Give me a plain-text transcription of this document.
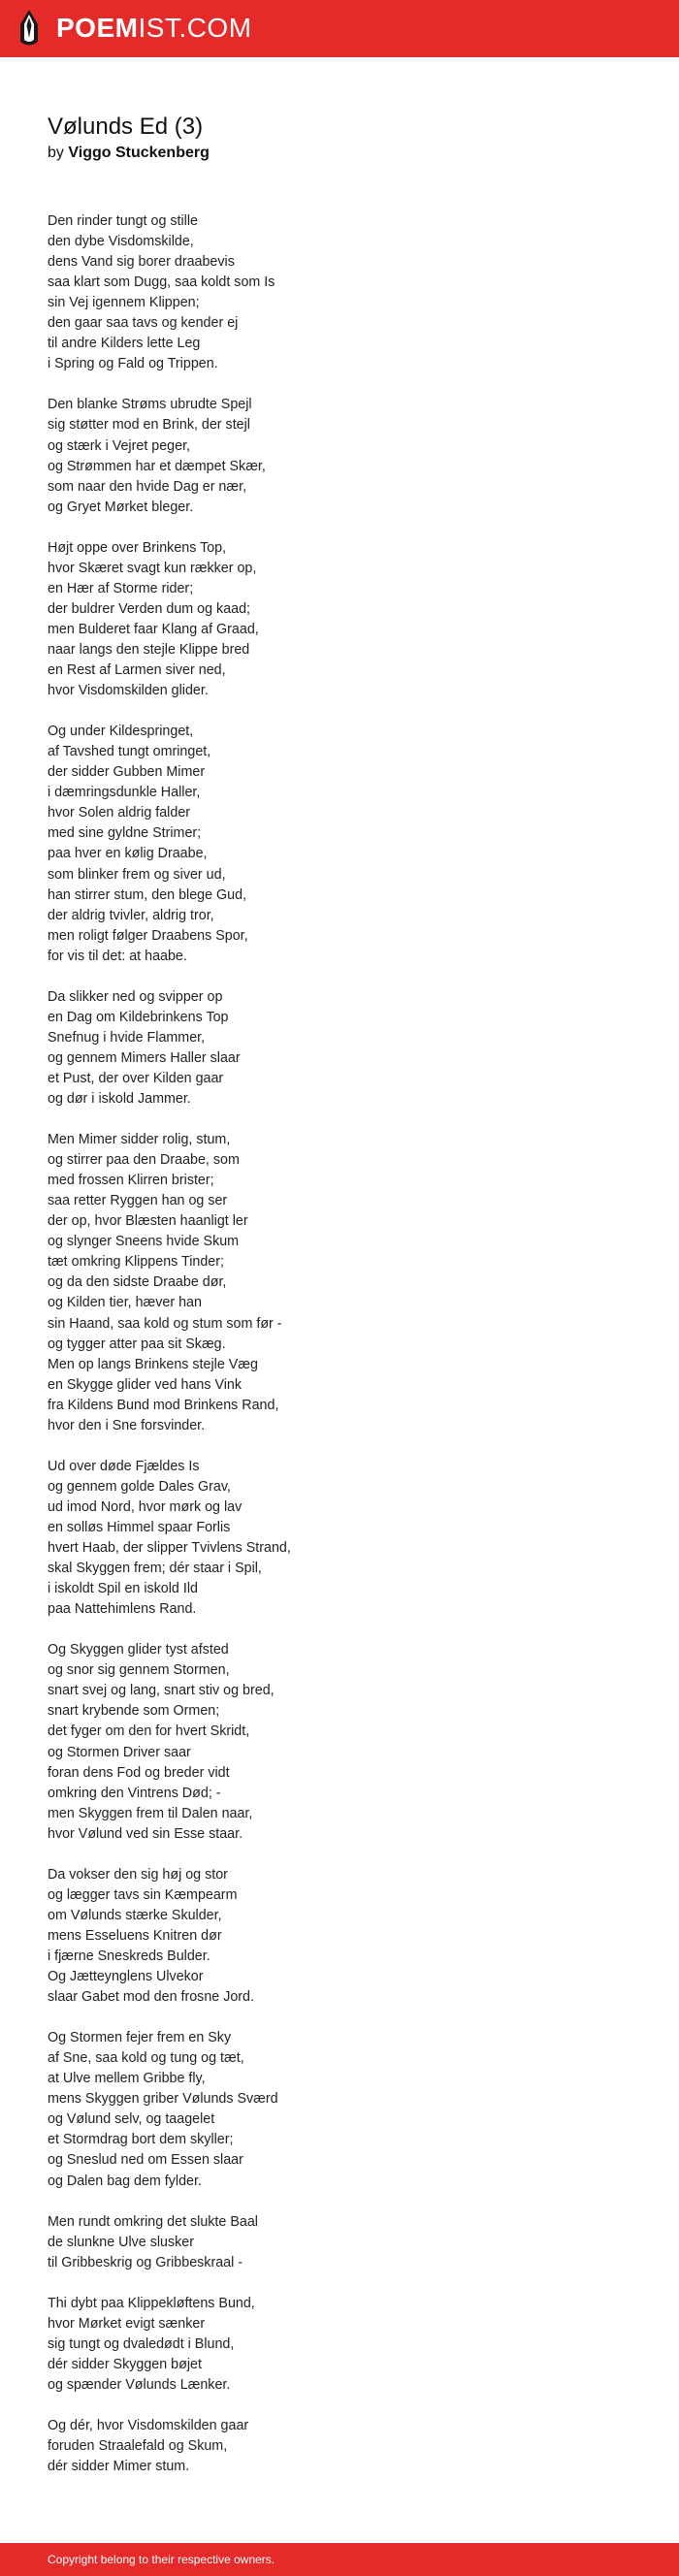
POEMIST.COM
Vølunds Ed (3)
by Viggo Stuckenberg
Den rinder tungt og stille
den dybe Visdomskilde,
dens Vand sig borer draabevis
saa klart som Dugg, saa koldt som Is
sin Vej igennem Klippen;
den gaar saa tavs og kender ej
til andre Kilders lette Leg
i Spring og Fald og Trippen.
Den blanke Strøms ubrudte Spejl
sig støtter mod en Brink, der stejl
og stærk i Vejret peger,
og Strømmen har et dæmpet Skær,
som naar den hvide Dag er nær,
og Gryet Mørket bleger.
Højt oppe over Brinkens Top,
hvor Skæret svagt kun rækker op,
en Hær af Storme rider;
der buldrer Verden dum og kaad;
men Bulderet faar Klang af Graad,
naar langs den stejle Klippe bred
en Rest af Larmen siver ned,
hvor Visdomskilden glider.
Og under Kildespringet,
af Tavshed tungt omringet,
der sidder Gubben Mimer
i dæmringsdunkle Haller,
hvor Solen aldrig falder
med sine gyldne Strimer;
paa hver en kølig Draabe,
som blinker frem og siver ud,
han stirrer stum, den blege Gud,
der aldrig tvivler, aldrig tror,
men roligt følger Draabens Spor,
for vis til det: at haabe.
Da slikker ned og svipper op
en Dag om Kildebrinkens Top
Snefnug i hvide Flammer,
og gennem Mimers Haller slaar
et Pust, der over Kilden gaar
og dør i iskold Jammer.
Men Mimer sidder rolig, stum,
og stirrer paa den Draabe, som
med frossen Klirren brister;
saa retter Ryggen han og ser
der op, hvor Blæsten haanligt ler
og slynger Sneens hvide Skum
tæt omkring Klippens Tinder;
og da den sidste Draabe dør,
og Kilden tier, hæver han
sin Haand, saa kold og stum som før -
og tygger atter paa sit Skæg.
Men op langs Brinkens stejle Væg
en Skygge glider ved hans Vink
fra Kildens Bund mod Brinkens Rand,
hvor den i Sne forsvinder.
Ud over døde Fjældes Is
og gennem golde Dales Grav,
ud imod Nord, hvor mørk og lav
en solløs Himmel spaar Forlis
hvert Haab, der slipper Tvivlens Strand,
skal Skyggen frem; dér staar i Spil,
i iskoldt Spil en iskold Ild
paa Nattehimlens Rand.
Og Skyggen glider tyst afsted
og snor sig gennem Stormen,
snart svej og lang, snart stiv og bred,
snart krybende som Ormen;
det fyger om den for hvert Skridt,
og Stormen Driver saar
foran dens Fod og breder vidt
omkring den Vintrens Død; -
men Skyggen frem til Dalen naar,
hvor Vølund ved sin Esse staar.
Da vokser den sig høj og stor
og lægger tavs sin Kæmpearm
om Vølunds stærke Skulder,
mens Esseluens Knitren dør
i fjærne Sneskreds Bulder.
Og Jætteynglens Ulvekor
slaar Gabet mod den frosne Jord.
Og Stormen fejer frem en Sky
af Sne, saa kold og tung og tæt,
at Ulve mellem Gribbe fly,
mens Skyggen griber Vølunds Sværd
og Vølund selv, og taagelet
et Stormdrag bort dem skyller;
og Sneslud ned om Essen slaar
og Dalen bag dem fylder.
Men rundt omkring det slukte Baal
de slunkne Ulve slusker
til Gribbeskrig og Gribbeskraal -
Thi dybt paa Klippekløftens Bund,
hvor Mørket evigt sænker
sig tungt og dvaledødt i Blund,
dér sidder Skyggen bøjet
og spænder Vølunds Lænker.
Og dér, hvor Visdomskilden gaar
foruden Straalefald og Skum,
dér sidder Mimer stum.
Copyright belong to their respective owners.
